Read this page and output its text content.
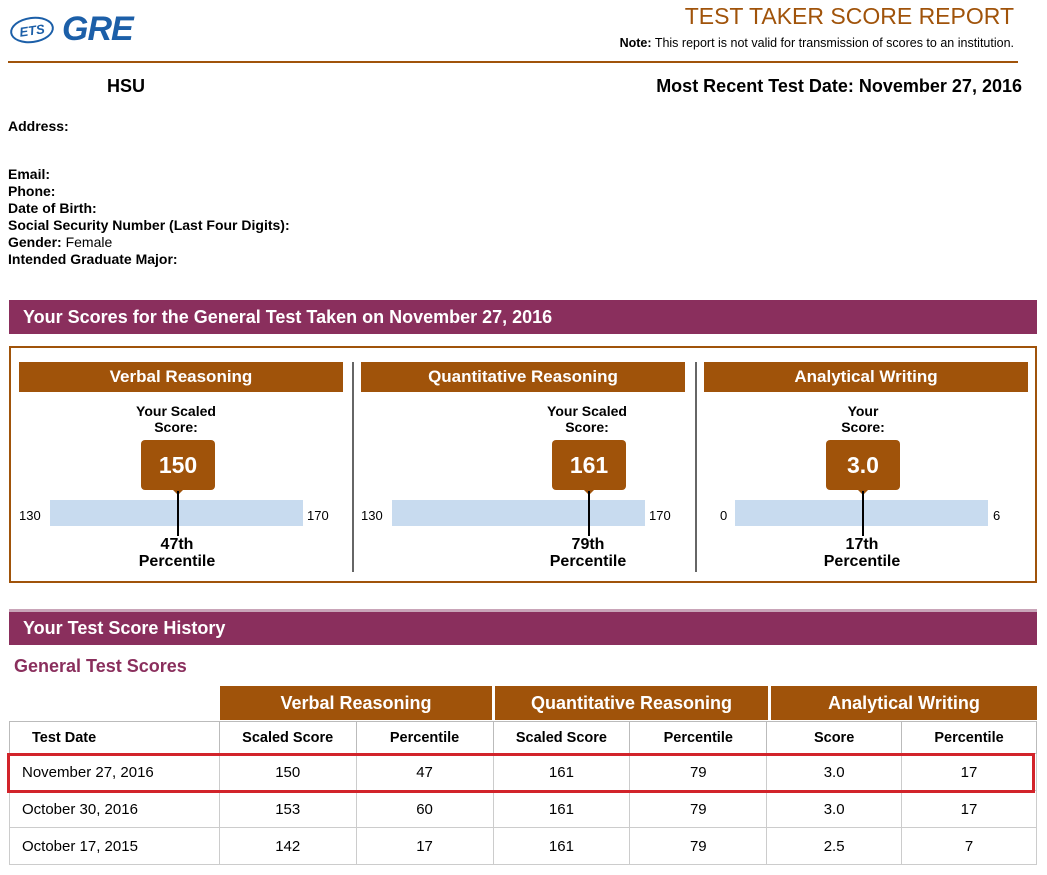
ETS GRE	TEST TAKER SCORE REPORT
Note: This report is not valid for transmission of scores to an institution.
HSU	Most Recent Test Date: November 27, 2016
Address:
Email:
Phone:
Date of Birth:
Social Security Number (Last Four Digits):
Gender: Female
Intended Graduate Major:
Your Scores for the General Test Taken on November 27, 2016
Verbal Reasoning
Your Scaled
Score:
150
130	170
47th
Percentile
Quantitative Reasoning
Your Scaled
Score:
161
130	170
79th
Percentile
Analytical Writing
Your
Score:
3.0
0	6
17th
Percentile
Your Test Score History
General Test Scores
Verbal Reasoning	Quantitative Reasoning	Analytical Writing
Test Date	Scaled Score	Percentile	Scaled Score	Percentile	Score	Percentile
November 27, 2016	150	47	161	79	3.0	17
October 30, 2016	153	60	161	79	3.0	17
October 17, 2015	142	17	161	79	2.5	7
